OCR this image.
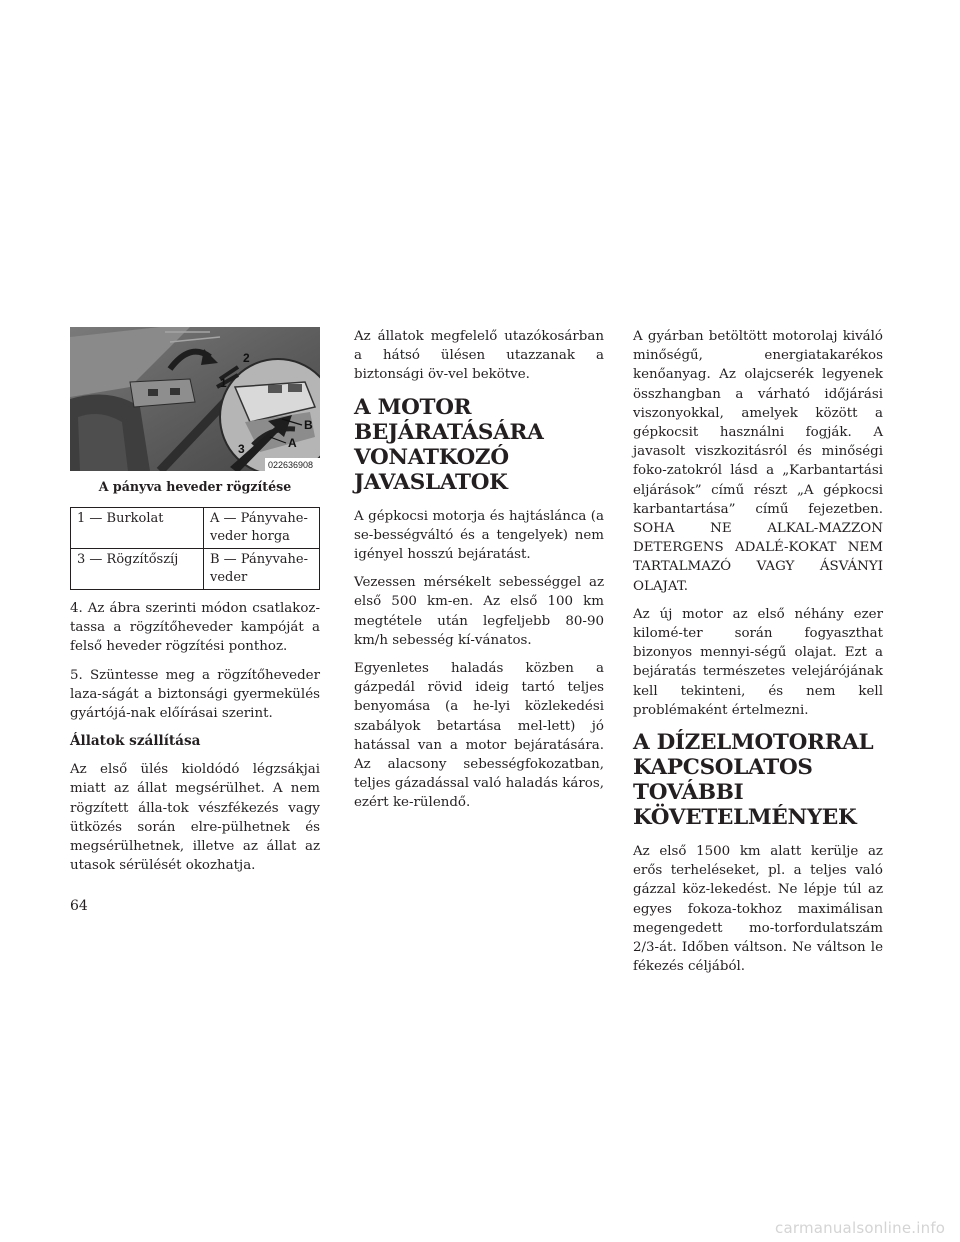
1
2
3
B
A
022636908
A pányva heveder rögzítése
1 — Burkolat	A — Pányvahe-veder horga
3 — Rögzítőszíj	B — Pányvahe-veder

4. Az ábra szerinti módon csatlakoz-tassa a rögzítőheveder kampóját a felső heveder rögzítési ponthoz.

5. Szüntesse meg a rögzítőheveder laza-ságát a biztonsági gyermekülés gyártójá-nak előírásai szerint.

Állatok szállítása

Az első ülés kioldódó légzsákjai miatt az állat megsérülhet. A nem rögzített álla-tok vészfékezés vagy ütközés során elre-pülhetnek és megsérülhetnek, illetve az állat az utasok sérülését okozhatja.

Az állatok megfelelő utazókosárban a hátsó ülésen utazzanak a biztonsági öv-vel bekötve.

A MOTOR
BEJÁRATÁSÁRA
VONATKOZÓ
JAVASLATOK

A gépkocsi motorja és hajtáslánca (a se-bességváltó és a tengelyek) nem igényel hosszú bejáratást.

Vezessen mérsékelt sebességgel az első 500 km-en. Az első 100 km megtétele után legfeljebb 80-90 km/h sebesség kí-vánatos.

Egyenletes haladás közben a gázpedál rövid ideig tartó teljes benyomása (a he-lyi közlekedési szabályok betartása mel-lett) jó hatással van a motor bejáratására. Az alacsony sebességfokozatban, teljes gázadással való haladás káros, ezért ke-rülendő.

A gyárban betöltött motorolaj kiváló minőségű, energiatakarékos kenőanyag. Az olajcserék legyenek összhangban a várható időjárási viszonyokkal, amelyek között a gépkocsit használni fogják. A javasolt viszkozitásról és minőségi foko-zatokról lásd a „Karbantartási eljárások” című részt „A gépkocsi karbantartása” című fejezetben. SOHA NE ALKAL-MAZZON DETERGENS ADALÉ-KOKAT NEM TARTALMAZÓ VAGY ÁSVÁNYI OLAJAT.

Az új motor az első néhány ezer kilomé-ter során fogyaszthat bizonyos mennyi-ségű olajat. Ezt a bejáratás természetes velejárójának kell tekinteni, és nem kell problémaként értelmezni.

A DÍZELMOTORRAL
KAPCSOLATOS TOVÁBBI
KÖVETELMÉNYEK

Az első 1500 km alatt kerülje az erős terheléseket, pl. a teljes való gázzal köz-lekedést. Ne lépje túl az egyes fokoza-tokhoz maximálisan megengedett mo-torfordulatszám 2/3-át. Időben váltson. Ne váltson le fékezés céljából.

64
carmanualsonline.info
